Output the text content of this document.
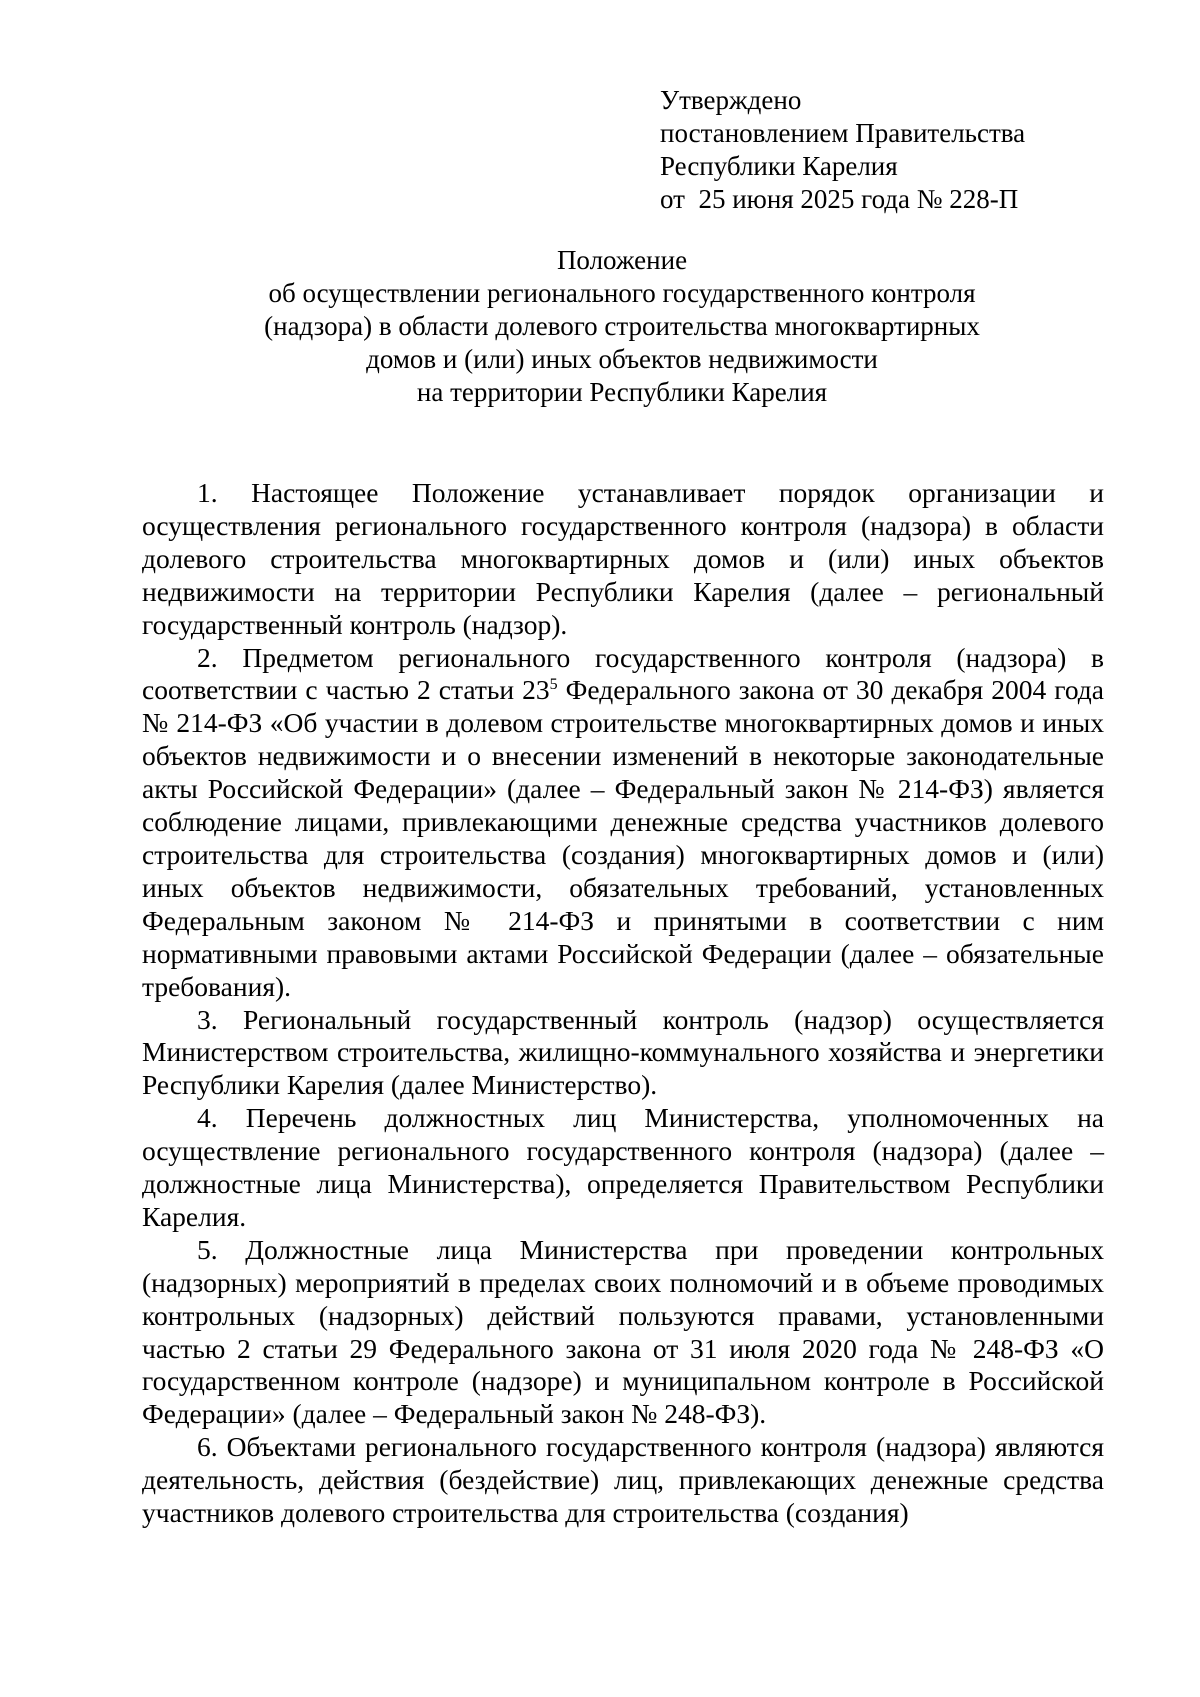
Утверждено
постановлением Правительства
Республики Карелия
от  25 июня 2025 года № 228-П
Положение
об осуществлении регионального государственного контроля
(надзора) в области долевого строительства многоквартирных
домов и (или) иных объектов недвижимости
на территории Республики Карелия

1. Настоящее Положение устанавливает порядок организации и осуществления регионального государственного контроля (надзора) в области долевого строительства многоквартирных домов и (или) иных объектов недвижимости на территории Республики Карелия (далее – региональный государственный контроль (надзор).

2. Предметом регионального государственного контроля (надзора) в соответствии с частью 2 статьи $23^5$ Федерального закона от 30 декабря 2004 года № 214-ФЗ «Об участии в долевом строительстве многоквартирных домов и иных объектов недвижимости и о внесении изменений в некоторые законодательные акты Российской Федерации» (далее – Федеральный закон № 214-ФЗ) является соблюдение лицами, привлекающими денежные средства участников долевого строительства для строительства (создания) многоквартирных домов и (или) иных объектов недвижимости, обязательных требований, установленных Федеральным законом № 214-ФЗ и принятыми в соответствии с ним нормативными правовыми актами Российской Федерации (далее – обязательные требования).

3. Региональный государственный контроль (надзор) осуществляется Министерством строительства, жилищно-коммунального хозяйства и энергетики Республики Карелия (далее Министерство).

4. Перечень должностных лиц Министерства, уполномоченных на осуществление регионального государственного контроля (надзора) (далее – должностные лица Министерства), определяется Правительством Республики Карелия.

5. Должностные лица Министерства при проведении контрольных (надзорных) мероприятий в пределах своих полномочий и в объеме проводимых контрольных (надзорных) действий пользуются правами, установленными частью 2 статьи 29 Федерального закона от 31 июля 2020 года № 248-ФЗ «О государственном контроле (надзоре) и муниципальном контроле в Российской Федерации» (далее – Федеральный закон № 248-ФЗ).

6. Объектами регионального государственного контроля (надзора) являются деятельность, действия (бездействие) лиц, привлекающих денежные средства участников долевого строительства для строительства (создания)
